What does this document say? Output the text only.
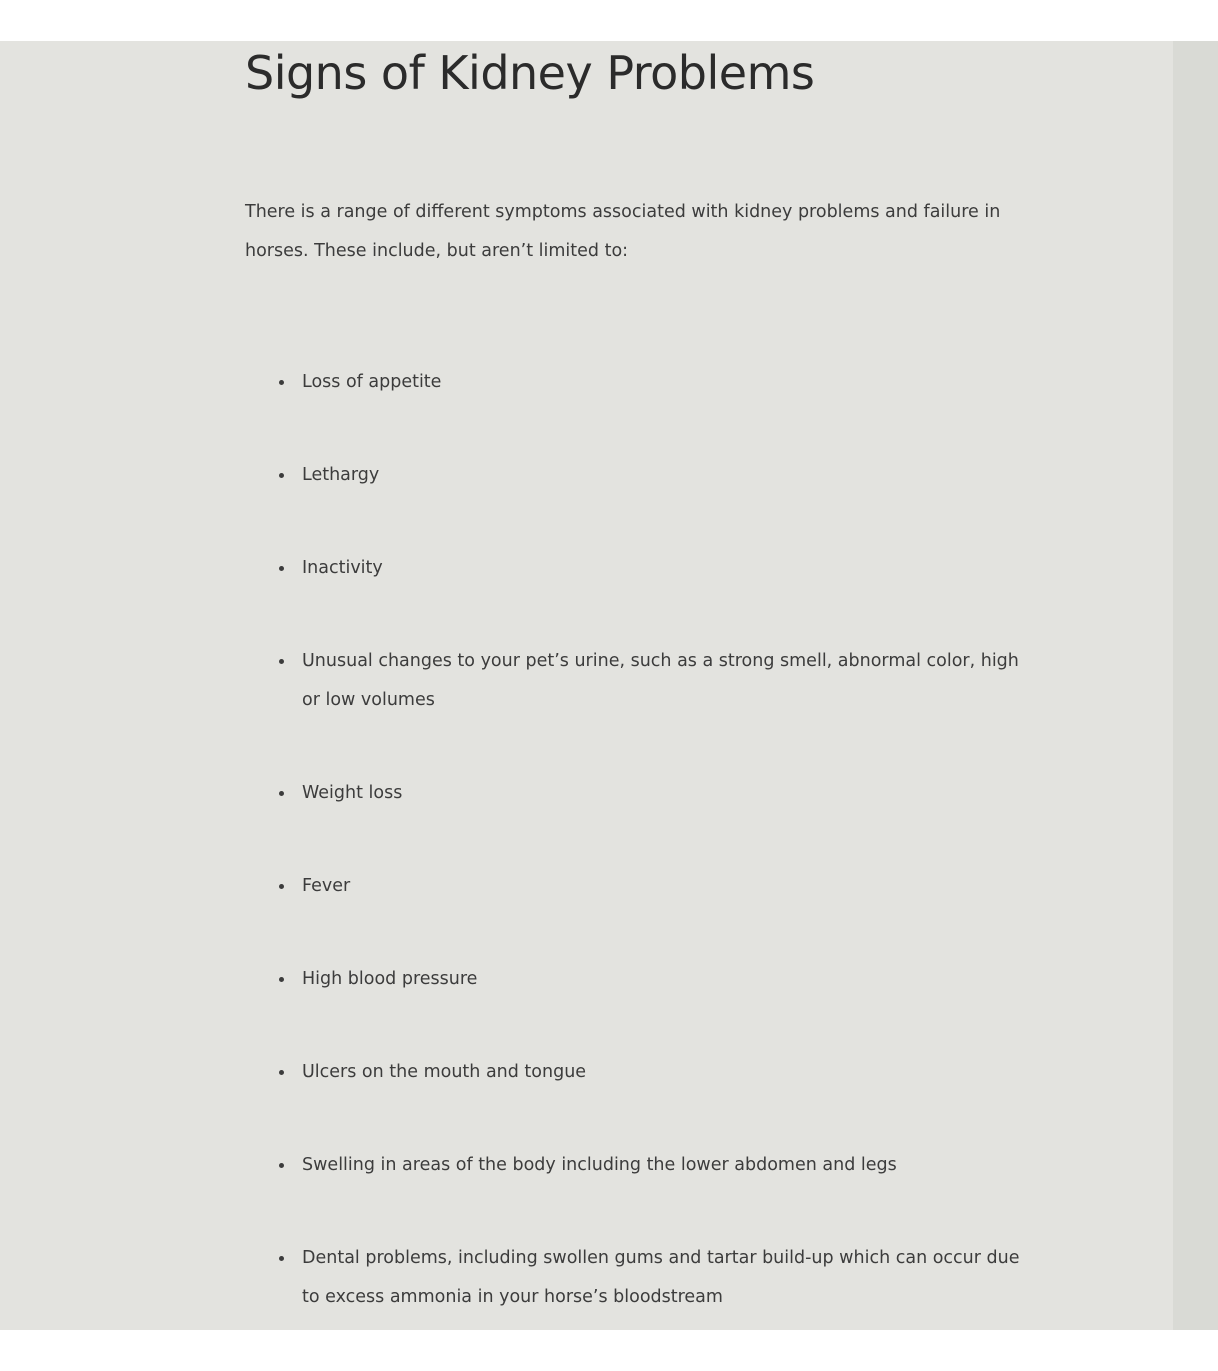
Signs of Kidney Problems

There is a range of different symptoms associated with kidney problems and failure in horses. These include, but aren’t limited to:

Loss of appetite
Lethargy
Inactivity
Unusual changes to your pet’s urine, such as a strong smell, abnormal color, high or low volumes
Weight loss
Fever
High blood pressure
Ulcers on the mouth and tongue
Swelling in areas of the body including the lower abdomen and legs
Dental problems, including swollen gums and tartar build-up which can occur due to excess ammonia in your horse’s bloodstream
